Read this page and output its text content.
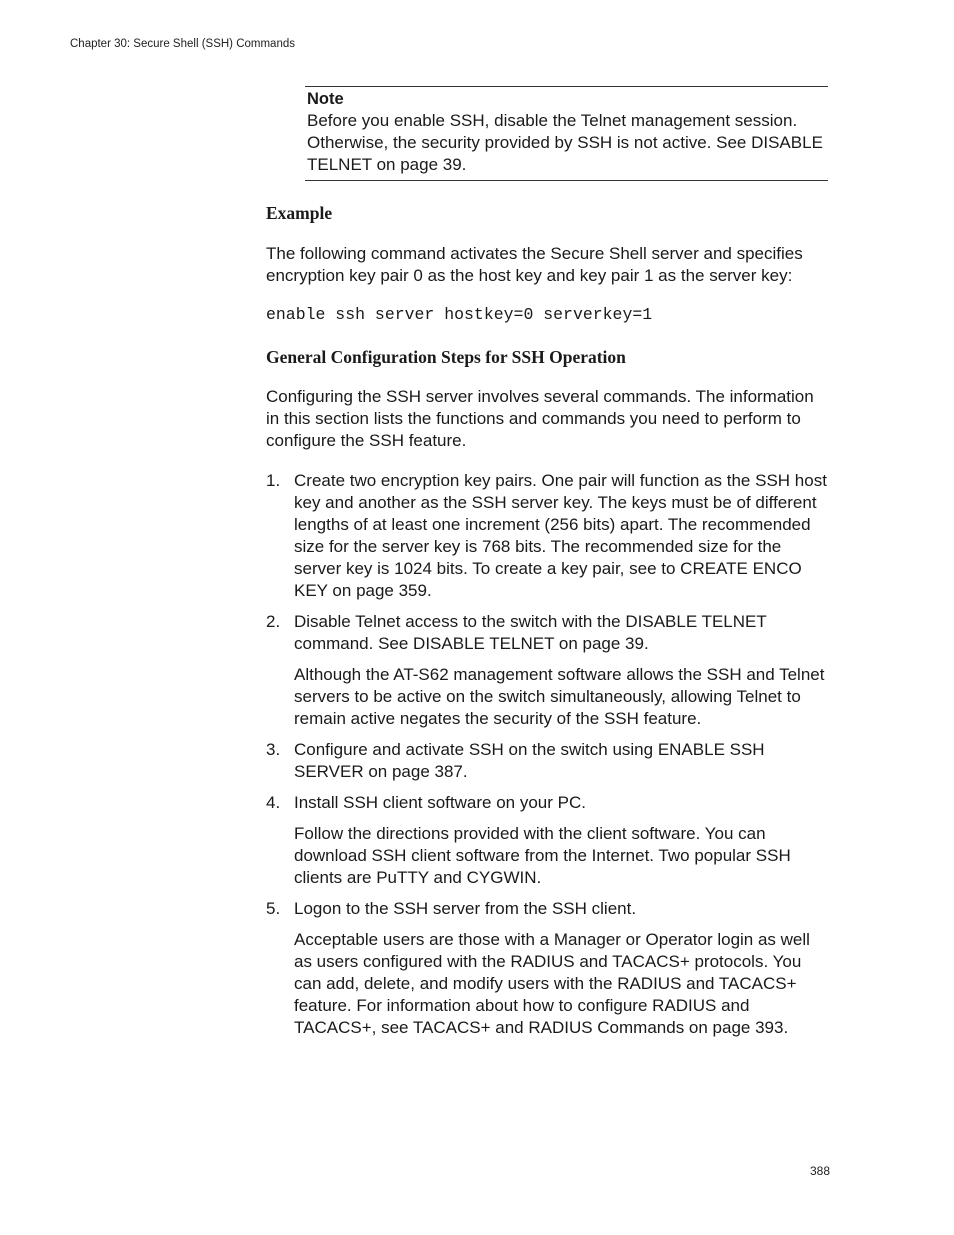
Chapter 30: Secure Shell (SSH) Commands
Note
Before you enable SSH, disable the Telnet management session. Otherwise, the security provided by SSH is not active. See DISABLE TELNET on page 39.
Example

The following command activates the Secure Shell server and specifies encryption key pair 0 as the host key and key pair 1 as the server key:

enable ssh server hostkey=0 serverkey=1
General Configuration Steps for SSH Operation

Configuring the SSH server involves several commands. The information in this section lists the functions and commands you need to perform to configure the SSH feature.

1. Create two encryption key pairs. One pair will function as the SSH host key and another as the SSH server key. The keys must be of different lengths of at least one increment (256 bits) apart. The recommended size for the server key is 768 bits. The recommended size for the server key is 1024 bits. To create a key pair, see to CREATE ENCO KEY on page 359.

2. Disable Telnet access to the switch with the DISABLE TELNET command. See DISABLE TELNET on page 39.

Although the AT-S62 management software allows the SSH and Telnet servers to be active on the switch simultaneously, allowing Telnet to remain active negates the security of the SSH feature.

3. Configure and activate SSH on the switch using ENABLE SSH SERVER on page 387.

4. Install SSH client software on your PC.

Follow the directions provided with the client software. You can download SSH client software from the Internet. Two popular SSH clients are PuTTY and CYGWIN.

5. Logon to the SSH server from the SSH client.

Acceptable users are those with a Manager or Operator login as well as users configured with the RADIUS and TACACS+ protocols. You can add, delete, and modify users with the RADIUS and TACACS+ feature. For information about how to configure RADIUS and TACACS+, see TACACS+ and RADIUS Commands on page 393.

388
